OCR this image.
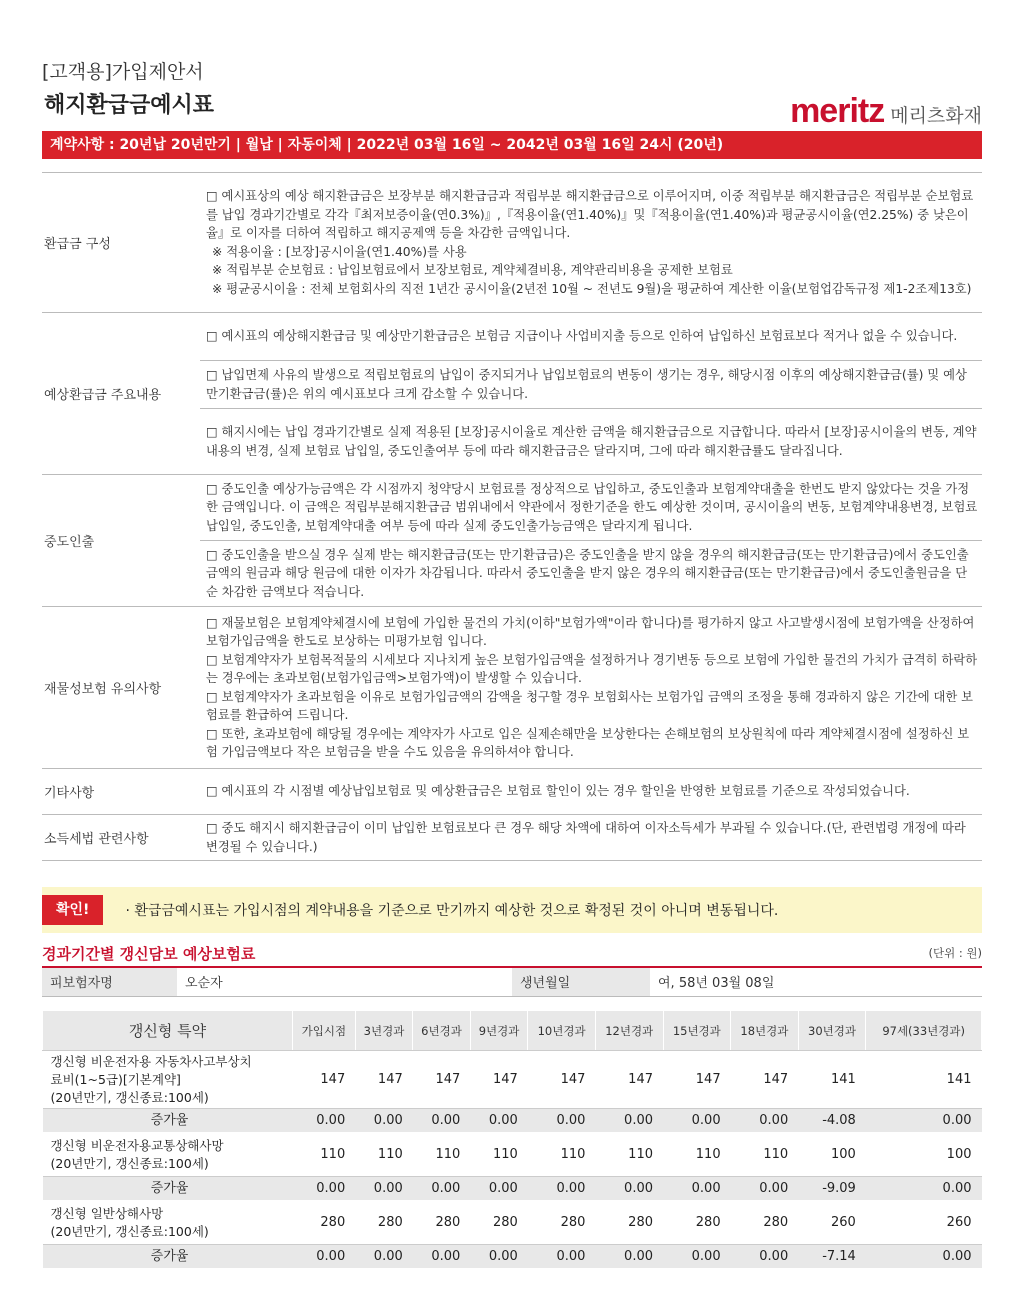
[고객용]가입제안서
해지환급금예시표	meritz 메리츠화재
계약사항 : 20년납 20년만기 | 월납 | 자동이체 | 2022년 03월 16일 ~ 2042년 03월 16일 24시 (20년)
환급금 구성	□ 예시표상의 예상 해지환급금은 보장부분 해지환급금과 적립부분 해지환급금으로 이루어지며, 이중 적립부분 해지환급금은 적립부분 순보험료를 납입 경과기간별로 각각『최저보증이율(연0.3%)』,『적용이율(연1.40%)』및『적용이율(연1.40%)과 평균공시이율(연2.25%) 중 낮은이율』로 이자를 더하여 적립하고 해지공제액 등을 차감한 금액입니다.

※ 적용이율 : [보장]공시이율(연1.40%)를 사용

※ 적립부분 순보험료 : 납입보험료에서 보장보험료, 계약체결비용, 계약관리비용을 공제한 보험료

※ 평균공시이율 : 전체 보험회사의 직전 1년간 공시이율(2년전 10월 ~ 전년도 9월)을 평균하여 계산한 이율(보험업감독규정 제1-2조제13호)

예상환급금 주요내용	□ 예시표의 예상해지환급금 및 예상만기환급금은 보험금 지급이나 사업비지출 등으로 인하여 납입하신 보험료보다 적거나 없을 수 있습니다.
	□ 납입면제 사유의 발생으로 적립보험료의 납입이 중지되거나 납입보험료의 변동이 생기는 경우, 해당시점 이후의 예상해지환급금(률) 및 예상만기환급금(률)은 위의 예시표보다 크게 감소할 수 있습니다.
	□ 해지시에는 납입 경과기간별로 실제 적용된 [보장]공시이율로 계산한 금액을 해지환급금으로 지급합니다. 따라서 [보장]공시이율의 변동, 계약내용의 변경, 실제 보험료 납입일, 중도인출여부 등에 따라 해지환급금은 달라지며, 그에 따라 해지환급률도 달라집니다.
중도인출	□ 중도인출 예상가능금액은 각 시점까지 청약당시 보험료를 정상적으로 납입하고, 중도인출과 보험계약대출을 한번도 받지 않았다는 것을 가정한 금액입니다. 이 금액은 적립부분해지환급금 범위내에서 약관에서 정한기준을 한도 예상한 것이며, 공시이율의 변동, 보험계약내용변경, 보험료납입일, 중도인출, 보험계약대출 여부 등에 따라 실제 중도인출가능금액은 달라지게 됩니다.
	□ 중도인출을 받으실 경우 실제 받는 해지환급금(또는 만기환급금)은 중도인출을 받지 않을 경우의 해지환급금(또는 만기환급금)에서 중도인출금액의 원금과 해당 원금에 대한 이자가 차감됩니다. 따라서 중도인출을 받지 않은 경우의 해지환급금(또는 만기환급금)에서 중도인출원금을 단순 차감한 금액보다 적습니다.
재물성보험 유의사항	□ 재물보험은 보험계약체결시에 보험에 가입한 물건의 가치(이하"보험가액"이라 합니다)를 평가하지 않고 사고발생시점에 보험가액을 산정하여 보험가입금액을 한도로 보상하는 미평가보험 입니다.

□ 보험계약자가 보험목적물의 시세보다 지나치게 높은 보험가입금액을 설정하거나 경기변동 등으로 보험에 가입한 물건의 가치가 급격히 하락하는 경우에는 초과보험(보험가입금액>보험가액)이 발생할 수 있습니다.

□ 보험계약자가 초과보험을 이유로 보험가입금액의 감액을 청구할 경우 보험회사는 보험가입 금액의 조정을 통해 경과하지 않은 기간에 대한 보험료를 환급하여 드립니다.

□ 또한, 초과보험에 해당될 경우에는 계약자가 사고로 입은 실제손해만을 보상한다는 손해보험의 보상원칙에 따라 계약체결시점에 설정하신 보험 가입금액보다 작은 보험금을 받을 수도 있음을 유의하셔야 합니다.

기타사항	□ 예시표의 각 시점별 예상납입보험료 및 예상환급금은 보험료 할인이 있는 경우 할인을 반영한 보험료를 기준으로 작성되었습니다.
소득세법 관련사항	□ 중도 해지시 해지환급금이 이미 납입한 보험료보다 큰 경우 해당 차액에 대하여 이자소득세가 부과될 수 있습니다.(단, 관련법령 개정에 따라 변경될 수 있습니다.)
확인!	· 환급금예시표는 가입시점의 계약내용을 기준으로 만기까지 예상한 것으로 확정된 것이 아니며 변동됩니다.
경과기간별 갱신담보 예상보험료	(단위 : 원)
피보험자명	오순자	생년월일	여, 58년 03월 08일
갱신형 특약	가입시점	3년경과	6년경과	9년경과	10년경과	12년경과	15년경과	18년경과	30년경과	97세(33년경과)

갱신형 비운전자용 자동차사고부상치
료비(1~5급)[기본계약]
(20년만기, 갱신종료:100세)	147	147	147	147	147	147	147	147	141	141
증가율	0.00	0.00	0.00	0.00	0.00	0.00	0.00	0.00	-4.08	0.00

갱신형 비운전자용교통상해사망
(20년만기, 갱신종료:100세)	110	110	110	110	110	110	110	110	100	100
증가율	0.00	0.00	0.00	0.00	0.00	0.00	0.00	0.00	-9.09	0.00

갱신형 일반상해사망
(20년만기, 갱신종료:100세)	280	280	280	280	280	280	280	280	260	260
증가율	0.00	0.00	0.00	0.00	0.00	0.00	0.00	0.00	-7.14	0.00
